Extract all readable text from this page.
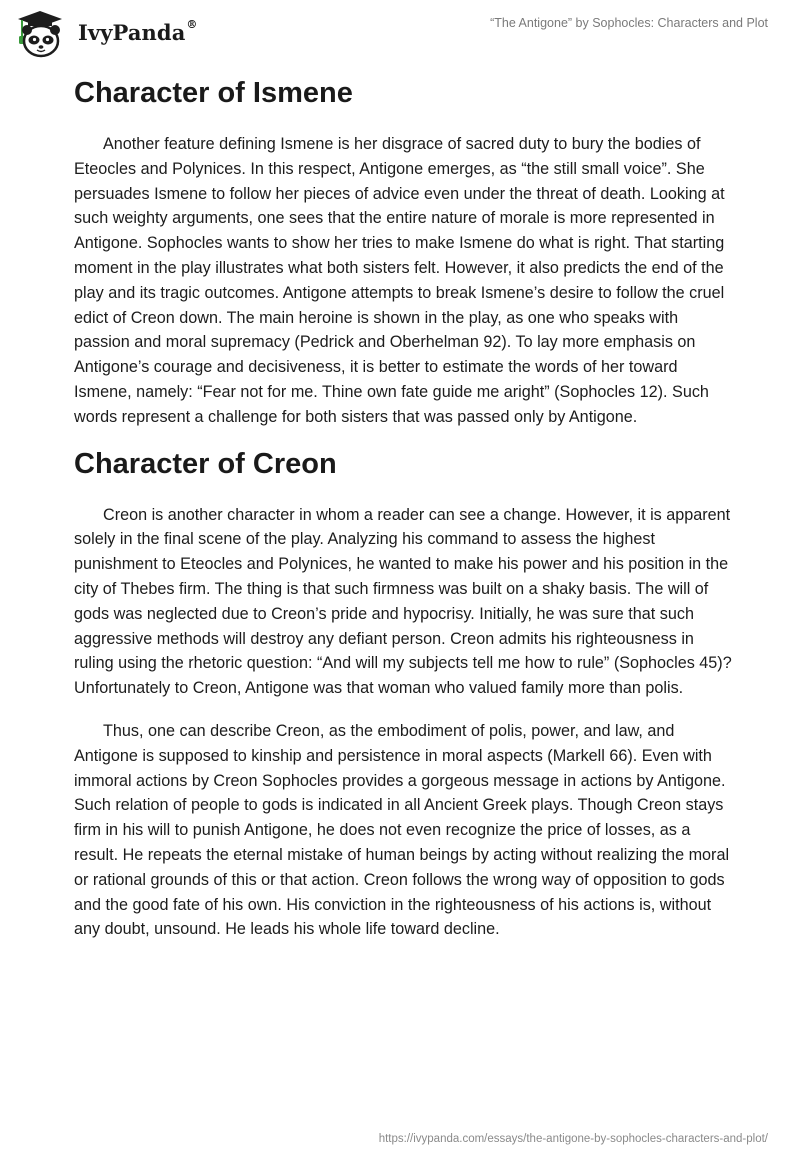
IvyPanda®	“The Antigone” by Sophocles: Characters and Plot
Character of Ismene

Another feature defining Ismene is her disgrace of sacred duty to bury the bodies of Eteocles and Polynices. In this respect, Antigone emerges, as “the still small voice”. She persuades Ismene to follow her pieces of advice even under the threat of death. Looking at such weighty arguments, one sees that the entire nature of morale is more represented in Antigone. Sophocles wants to show her tries to make Ismene do what is right. That starting moment in the play illustrates what both sisters felt. However, it also predicts the end of the play and its tragic outcomes. Antigone attempts to break Ismene’s desire to follow the cruel edict of Creon down. The main heroine is shown in the play, as one who speaks with passion and moral supremacy (Pedrick and Oberhelman 92). To lay more emphasis on Antigone’s courage and decisiveness, it is better to estimate the words of her toward Ismene, namely: “Fear not for me. Thine own fate guide me aright” (Sophocles 12). Such words represent a challenge for both sisters that was passed only by Antigone.

Character of Creon

Creon is another character in whom a reader can see a change. However, it is apparent solely in the final scene of the play. Analyzing his command to assess the highest punishment to Eteocles and Polynices, he wanted to make his power and his position in the city of Thebes firm. The thing is that such firmness was built on a shaky basis. The will of gods was neglected due to Creon’s pride and hypocrisy. Initially, he was sure that such aggressive methods will destroy any defiant person. Creon admits his righteousness in ruling using the rhetoric question: “And will my subjects tell me how to rule” (Sophocles 45)? Unfortunately to Creon, Antigone was that woman who valued family more than polis.

Thus, one can describe Creon, as the embodiment of polis, power, and law, and Antigone is supposed to kinship and persistence in moral aspects (Markell 66). Even with immoral actions by Creon Sophocles provides a gorgeous message in actions by Antigone. Such relation of people to gods is indicated in all Ancient Greek plays. Though Creon stays firm in his will to punish Antigone, he does not even recognize the price of losses, as a result. He repeats the eternal mistake of human beings by acting without realizing the moral or rational grounds of this or that action. Creon follows the wrong way of opposition to gods and the good fate of his own. His conviction in the righteousness of his actions is, without any doubt, unsound. He leads his whole life toward decline.

https://ivypanda.com/essays/the-antigone-by-sophocles-characters-and-plot/
